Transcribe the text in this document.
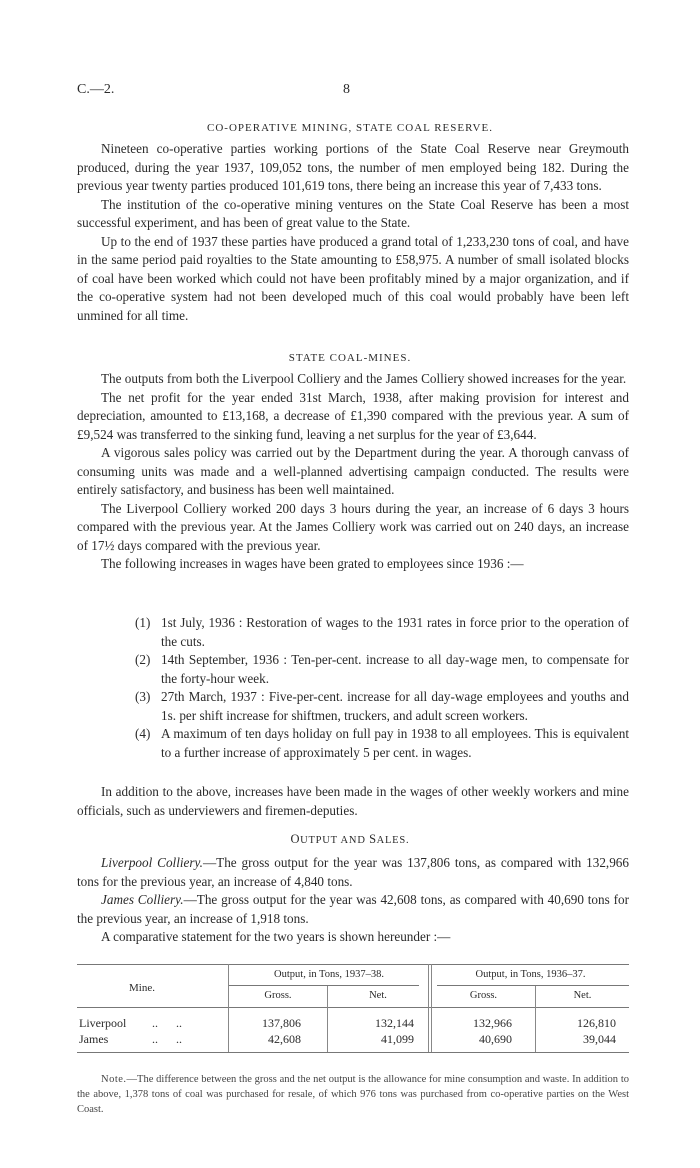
C.—2.	8
CO-OPERATIVE MINING, STATE COAL RESERVE.

Nineteen co-operative parties working portions of the State Coal Reserve near Greymouth produced, during the year 1937, 109,052 tons, the number of men employed being 182. During the previous year twenty parties produced 101,619 tons, there being an increase this year of 7,433 tons.

The institution of the co-operative mining ventures on the State Coal Reserve has been a most successful experiment, and has been of great value to the State.

Up to the end of 1937 these parties have produced a grand total of 1,233,230 tons of coal, and have in the same period paid royalties to the State amounting to £58,975. A number of small isolated blocks of coal have been worked which could not have been profitably mined by a major organization, and if the co-operative system had not been developed much of this coal would probably have been left unmined for all time.

STATE COAL-MINES.

The outputs from both the Liverpool Colliery and the James Colliery showed increases for the year.

The net profit for the year ended 31st March, 1938, after making provision for interest and depreciation, amounted to £13,168, a decrease of £1,390 compared with the previous year. A sum of £9,524 was transferred to the sinking fund, leaving a net surplus for the year of £3,644.

A vigorous sales policy was carried out by the Department during the year. A thorough canvass of consuming units was made and a well-planned advertising campaign conducted. The results were entirely satisfactory, and business has been well maintained.

The Liverpool Colliery worked 200 days 3 hours during the year, an increase of 6 days 3 hours compared with the previous year. At the James Colliery work was carried out on 240 days, an increase of 17½ days compared with the previous year.

The following increases in wages have been grated to employees since 1936 :—

(1) 1st July, 1936 : Restoration of wages to the 1931 rates in force prior to the operation of the cuts.
(2) 14th September, 1936 : Ten-per-cent. increase to all day-wage men, to compensate for the forty-hour week.
(3) 27th March, 1937 : Five-per-cent. increase for all day-wage employees and youths and 1s. per shift increase for shiftmen, truckers, and adult screen workers.
(4) A maximum of ten days holiday on full pay in 1938 to all employees. This is equivalent to a further increase of approximately 5 per cent. in wages.

In addition to the above, increases have been made in the wages of other weekly workers and mine officials, such as underviewers and firemen-deputies.

OUTPUT AND SALES.

Liverpool Colliery.—The gross output for the year was 137,806 tons, as compared with 132,966 tons for the previous year, an increase of 4,840 tons.

James Colliery.—The gross output for the year was 42,608 tons, as compared with 40,690 tons for the previous year, an increase of 1,918 tons.

A comparative statement for the two years is shown hereunder :—

Mine.
Output, in Tons, 1937–38.	Output, in Tons, 1936–37.
Gross.	Net.	Gross.	Net.
Liverpool ..      ..	137,806	132,144	132,966	126,810
James	..      ..	42,608	41,099	40,690	39,044
Note.—The difference between the gross and the net output is the allowance for mine consumption and waste. In addition to the above, 1,378 tons of coal was purchased for resale, of which 976 tons was purchased from co-operative parties on the West Coast.
